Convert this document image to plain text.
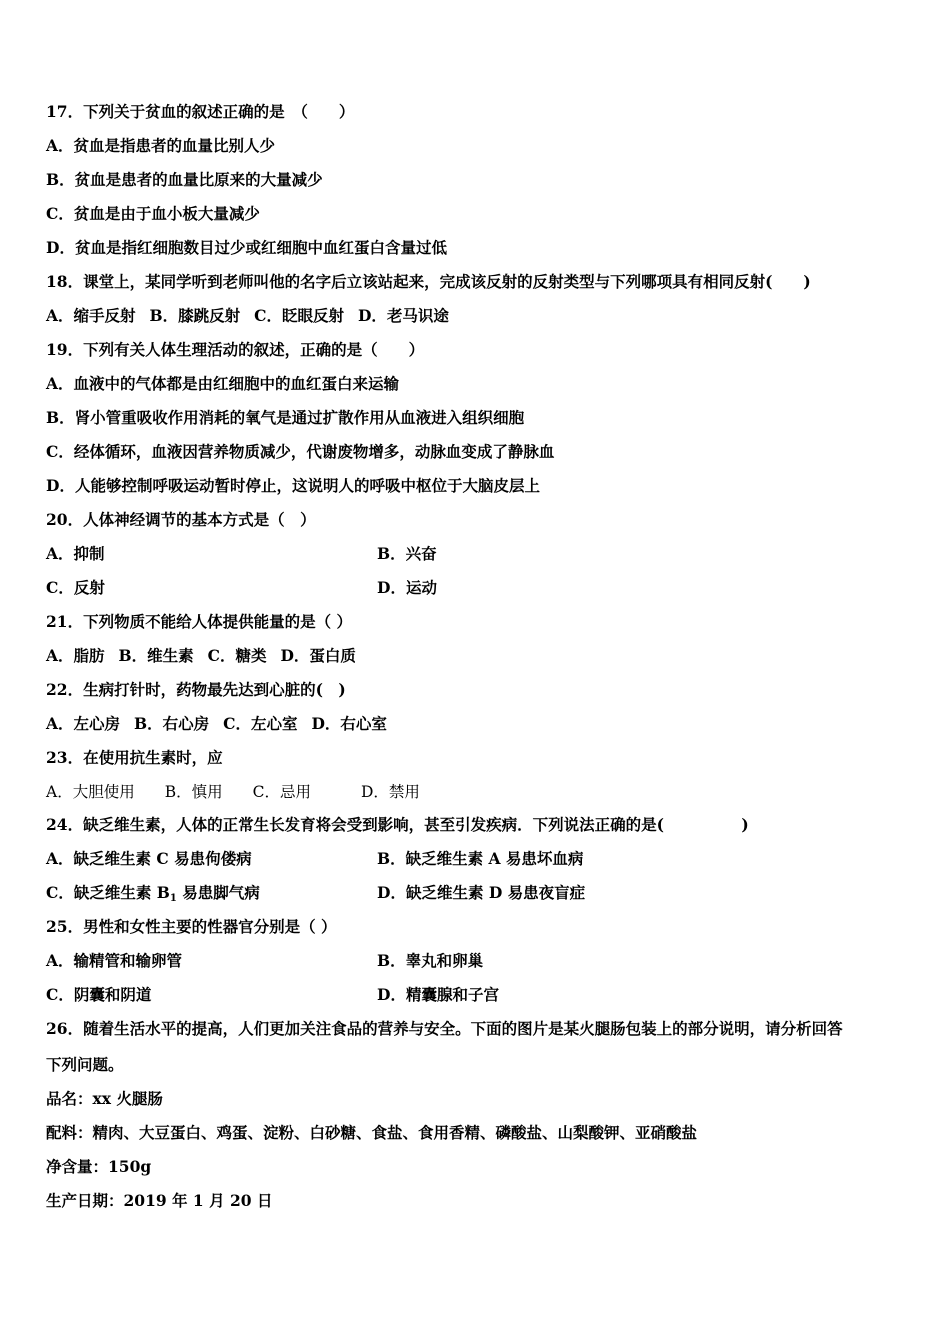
17．下列关于贫血的叙述正确的是　（　　）
A．贫血是指患者的血量比别人少
B．贫血是患者的血量比原来的大量减少
C．贫血是由于血小板大量减少
D．贫血是指红细胞数目过少或红细胞中血红蛋白含量过低
18．课堂上，某同学听到老师叫他的名字后立该站起来，完成该反射的反射类型与下列哪项具有相同反射(　　)
A．缩手反射 B．膝跳反射 C．眨眼反射 D．老马识途
19．下列有关人体生理活动的叙述，正确的是（　　）
A．血液中的气体都是由红细胞中的血红蛋白来运输
B．肾小管重吸收作用消耗的氧气是通过扩散作用从血液进入组织细胞
C．经体循环，血液因营养物质减少，代谢废物增多，动脉血变成了静脉血
D．人能够控制呼吸运动暂时停止，这说明人的呼吸中枢位于大脑皮层上
20．人体神经调节的基本方式是（　）
A．抑制	B．兴奋
C．反射	D．运动
21．下列物质不能给人体提供能量的是（ ）
A．脂肪 B．维生素 C．糖类 D．蛋白质
22．生病打针时，药物最先达到心脏的(　)
A．左心房 B．右心房 C．左心室 D．右心室
23．在使用抗生素时，应
A．大胆使用 B．慎用 C．忌用	D．禁用
24．缺乏维生素，人体的正常生长发育将会受到影响，甚至引发疾病．下列说法正确的是(　　　　　)
A．缺乏维生素 C 易患佝偻病	B．缺乏维生素 A 易患坏血病
C．缺乏维生素 $B_1$ 易患脚气病	D．缺乏维生素 D 易患夜盲症
25．男性和女性主要的性器官分别是（ ）
A．输精管和输卵管	B．睾丸和卵巢
C．阴囊和阴道	D．精囊腺和子宫
26．随着生活水平的提高，人们更加关注食品的营养与安全。下面的图片是某火腿肠包装上的部分说明，请分析回答
下列问题。
品名：xx 火腿肠
配料：精肉、大豆蛋白、鸡蛋、淀粉、白砂糖、食盐、食用香精、磷酸盐、山梨酸钾、亚硝酸盐
净含量：150g
生产日期：2019 年 1 月 20 日
